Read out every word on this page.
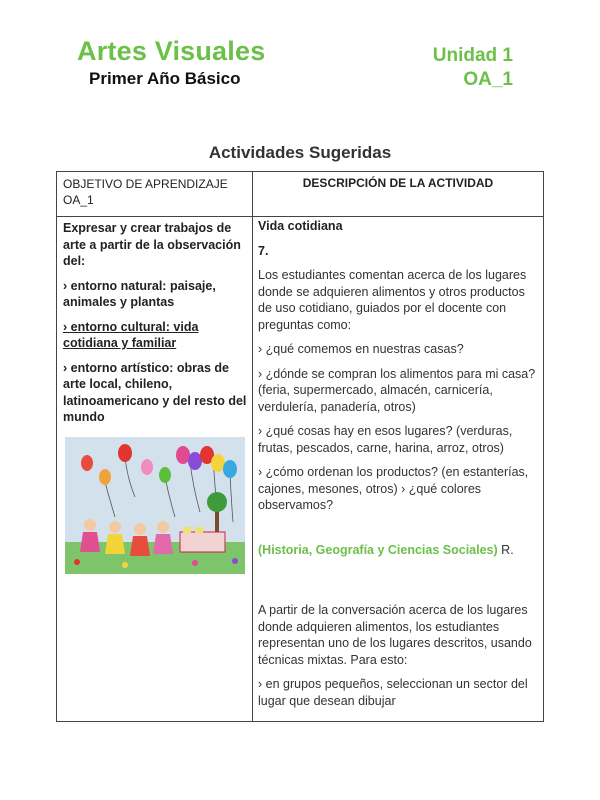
Artes Visuales
Primer Año Básico
Unidad 1
OA_1
Actividades Sugeridas
OBJETIVO DE APRENDIZAJE OA_1

Expresar y crear trabajos de arte a partir de la observación del:

› entorno natural: paisaje, animales y plantas

› entorno cultural: vida cotidiana y familiar

› entorno artístico: obras de arte local, chileno, latinoamericano y del resto del mundo

DESCRIPCIÓN DE LA ACTIVIDAD

Vida cotidiana

7.

Los estudiantes comentan acerca de los lugares donde se adquieren alimentos y otros productos de uso cotidiano, guiados por el docente con preguntas como:

› ¿qué comemos en nuestras casas?

› ¿dónde se compran los alimentos para mi casa? (feria, supermercado, almacén, carnicería, verdulería, panadería, otros)

› ¿qué cosas hay en esos lugares? (verduras, frutas, pescados, carne, harina, arroz, otros)

› ¿cómo ordenan los productos? (en estanterías, cajones, mesones, otros) › ¿qué colores observamos?

(Historia, Geografía y Ciencias Sociales) R.

A partir de la conversación acerca de los lugares donde adquieren alimentos, los estudiantes representan uno de los lugares descritos, usando técnicas mixtas. Para esto:

› en grupos pequeños, seleccionan un sector del lugar que desean dibujar
